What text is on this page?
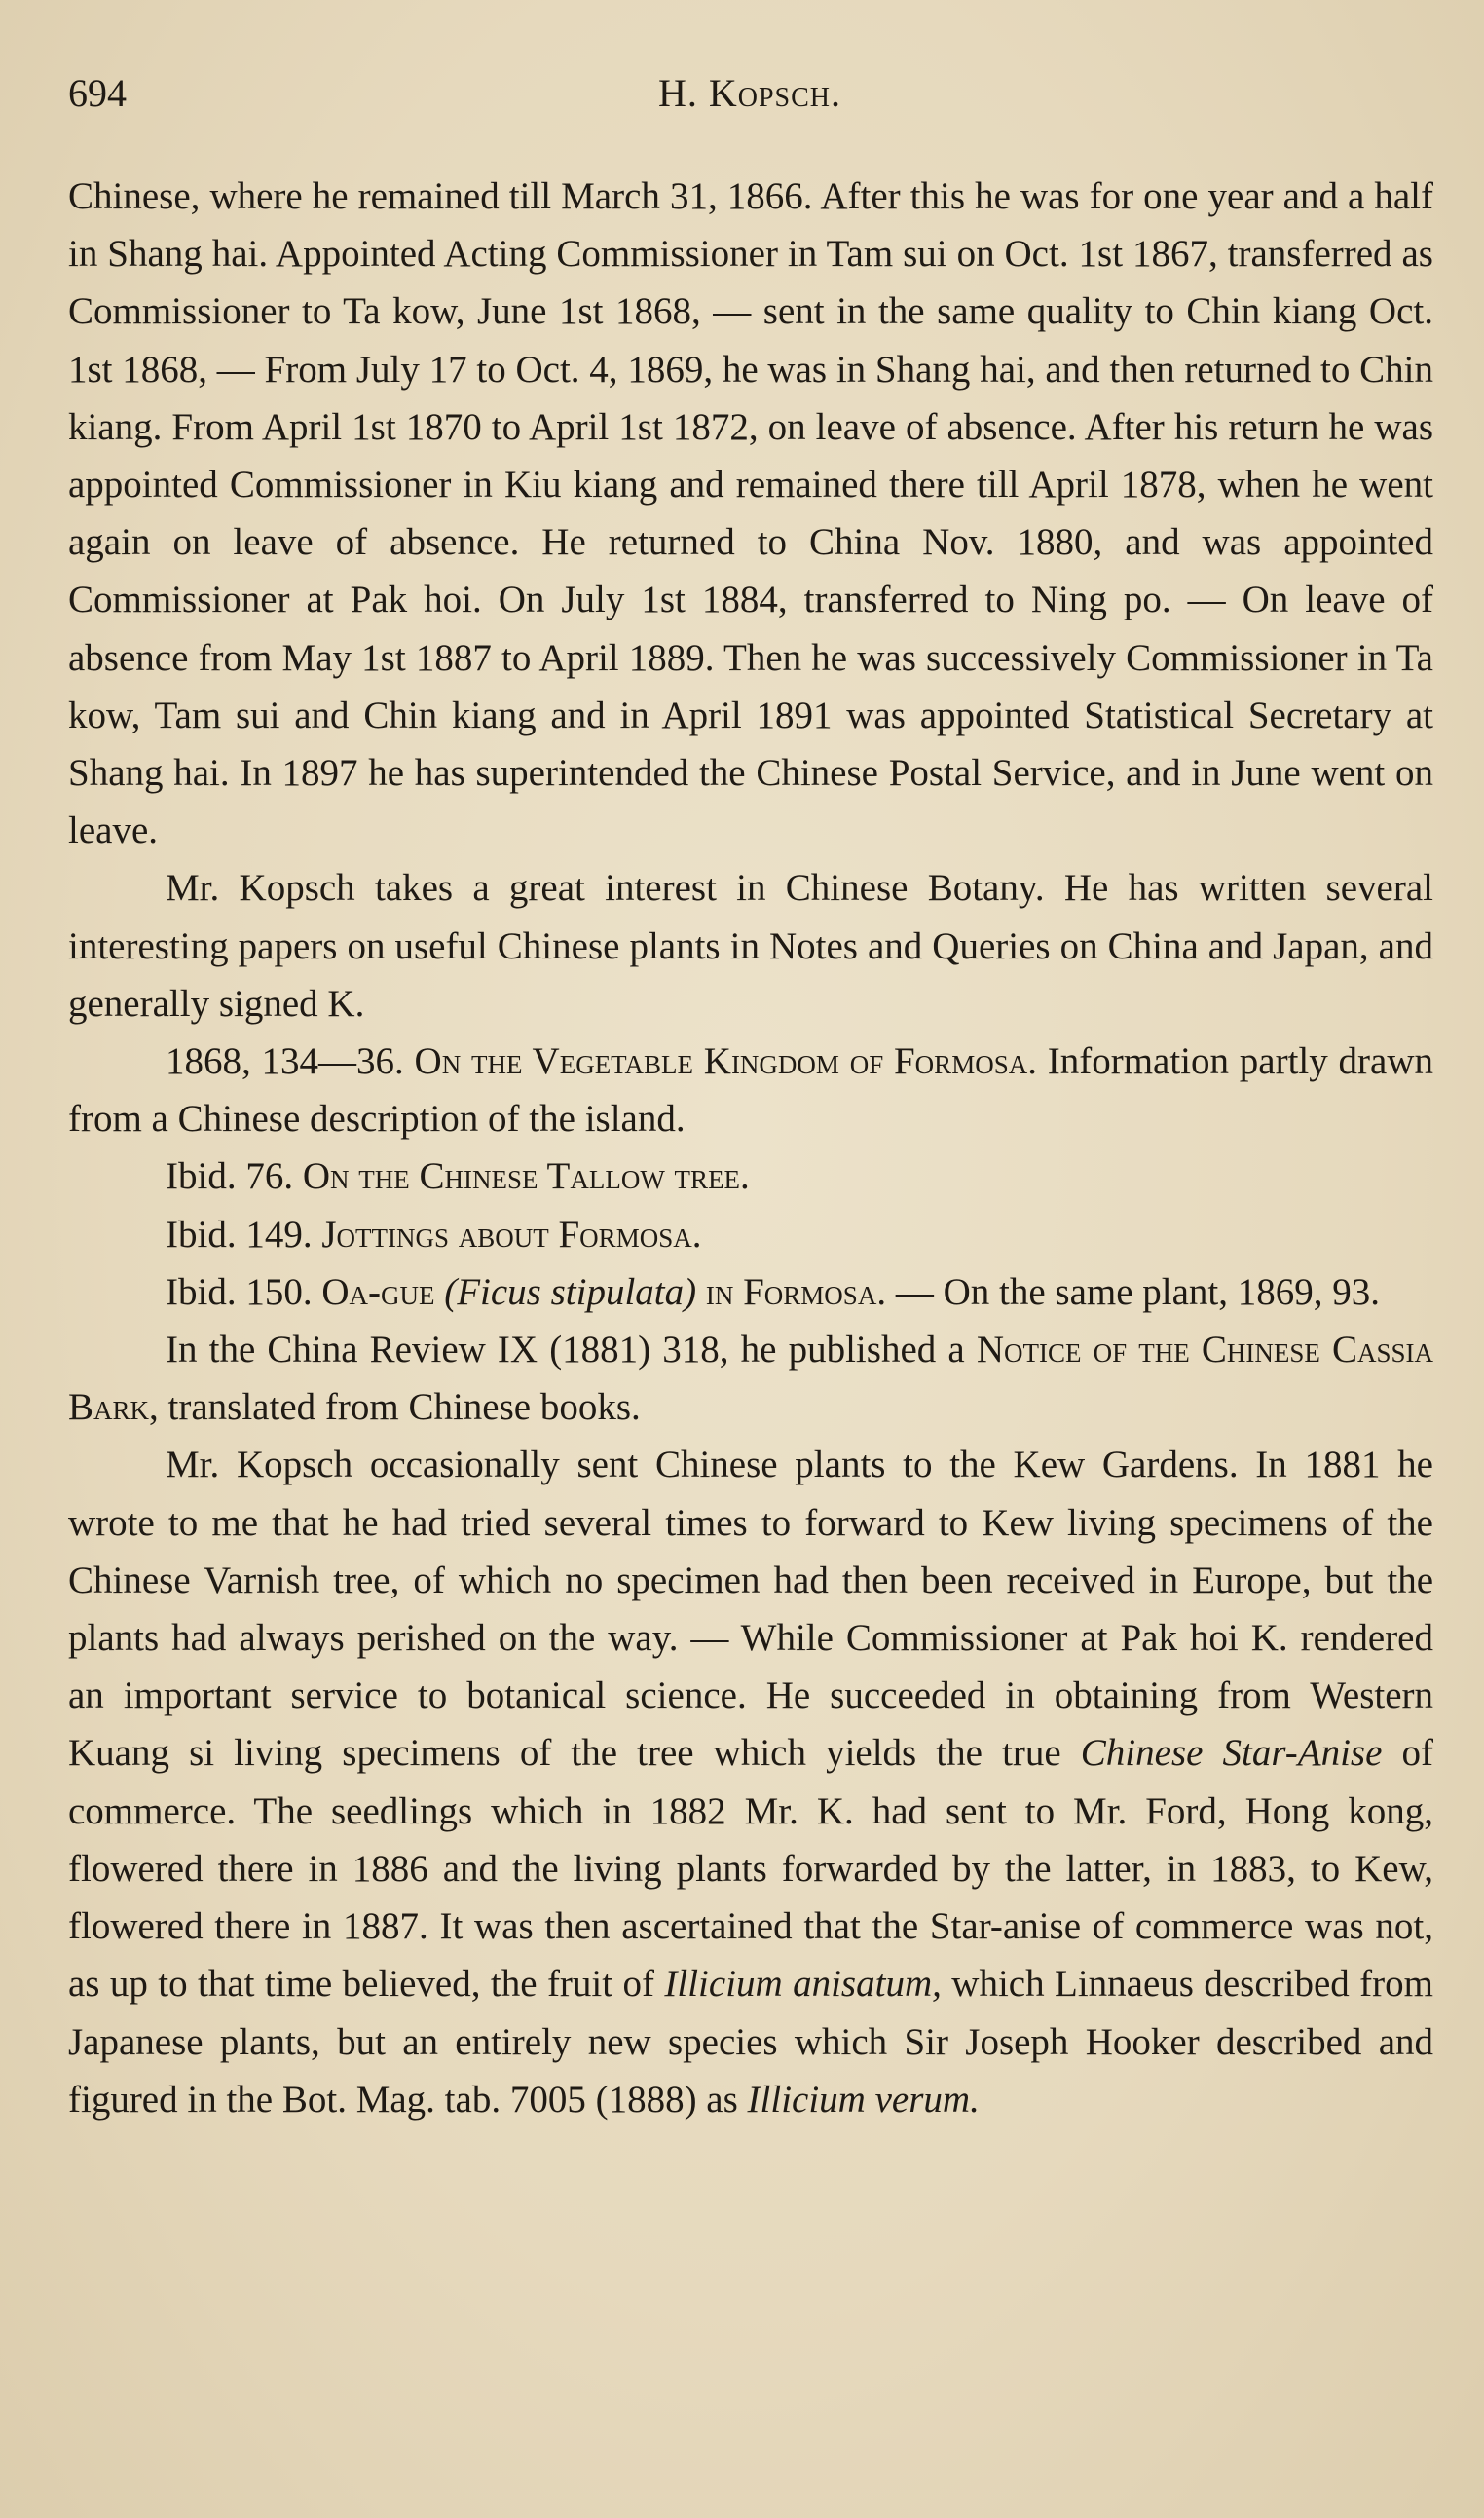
694	H. Kopsch.

Chinese, where he remained till March 31, 1866. After this he was for one year and a half in Shang hai. Appointed Acting Commissioner in Tam sui on Oct. 1st 1867, transferred as Commissioner to Ta kow, June 1st 1868, — sent in the same quality to Chin kiang Oct. 1st 1868, — From July 17 to Oct. 4, 1869, he was in Shang hai, and then returned to Chin kiang. From April 1st 1870 to April 1st 1872, on leave of absence. After his return he was appointed Commissioner in Kiu kiang and remained there till April 1878, when he went again on leave of absence. He returned to China Nov. 1880, and was appointed Commissioner at Pak hoi. On July 1st 1884, transferred to Ning po. — On leave of absence from May 1st 1887 to April 1889. Then he was successively Commissioner in Ta kow, Tam sui and Chin kiang and in April 1891 was appointed Statistical Secretary at Shang hai. In 1897 he has superintended the Chinese Postal Service, and in June went on leave.

Mr. Kopsch takes a great interest in Chinese Botany. He has written several interesting papers on useful Chinese plants in Notes and Queries on China and Japan, and generally signed K.

1868, 134—36. On the Vegetable Kingdom of Formosa. Information partly drawn from a Chinese description of the island.

Ibid. 76. On the Chinese Tallow tree.

Ibid. 149. Jottings about Formosa.

Ibid. 150. Oa-gue (Ficus stipulata) in Formosa. — On the same plant, 1869, 93.

In the China Review IX (1881) 318, he published a Notice of the Chinese Cassia Bark, translated from Chinese books.

Mr. Kopsch occasionally sent Chinese plants to the Kew Gardens. In 1881 he wrote to me that he had tried several times to forward to Kew living specimens of the Chinese Varnish tree, of which no specimen had then been received in Europe, but the plants had always perished on the way. — While Commissioner at Pak hoi K. rendered an important service to botanical science. He succeeded in obtaining from Western Kuang si living specimens of the tree which yields the true Chinese Star-Anise of commerce. The seedlings which in 1882 Mr. K. had sent to Mr. Ford, Hong kong, flowered there in 1886 and the living plants forwarded by the latter, in 1883, to Kew, flowered there in 1887. It was then ascertained that the Star-anise of commerce was not, as up to that time believed, the fruit of Illicium anisatum, which Linnaeus described from Japanese plants, but an entirely new species which Sir Joseph Hooker described and figured in the Bot. Mag. tab. 7005 (1888) as Illicium verum.
